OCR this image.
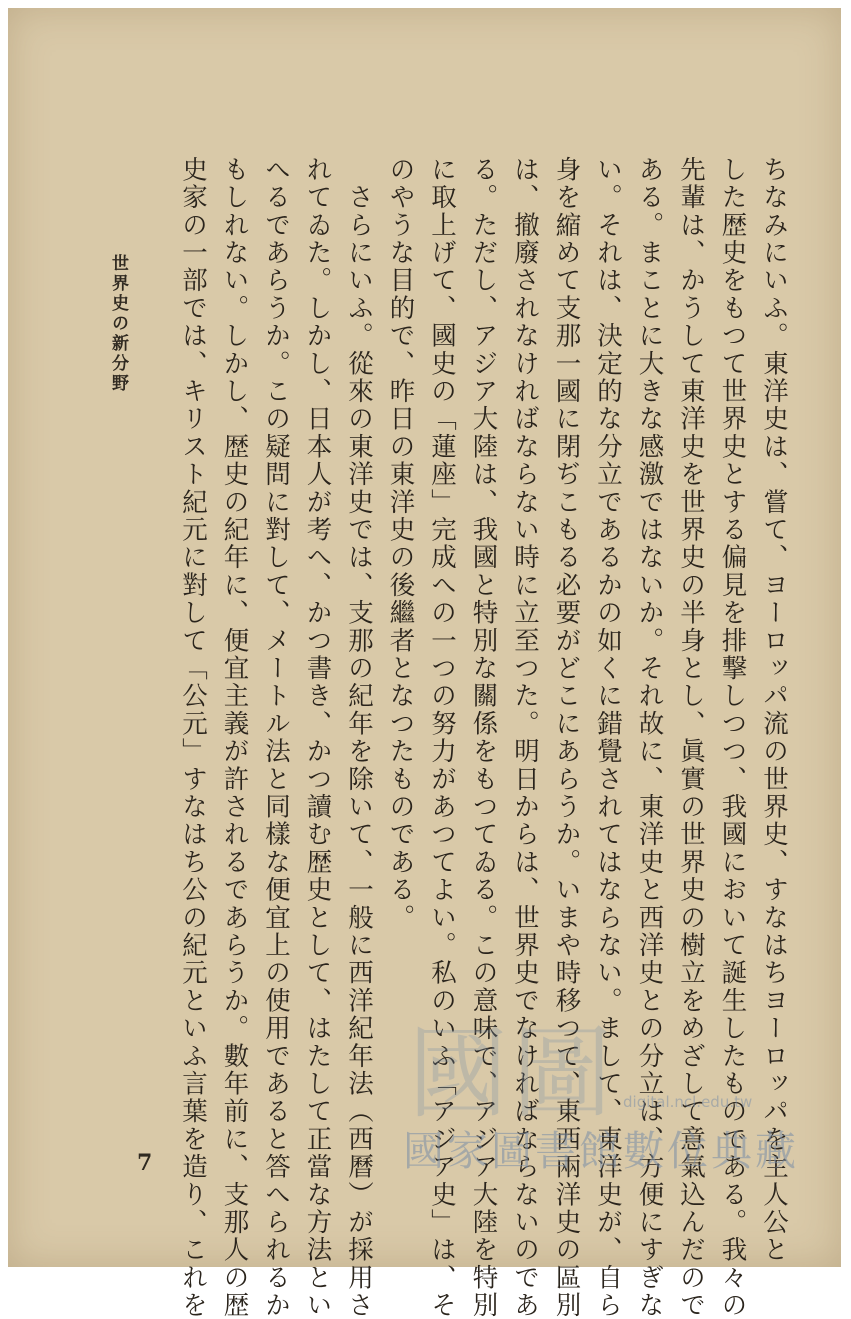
ちなみにいふ。東洋史は、嘗て、ヨーロッパ流の世界史、すなはちヨーロッパを主人公と
した歴史をもつて世界史とする偏見を排撃しつつ、我國において誕生したものである。我々の
先輩は、かうして東洋史を世界史の半身とし、眞實の世界史の樹立をめざして意氣込んだので
ある。まことに大きな感激ではないか。それ故に、東洋史と西洋史との分立は、方便にすぎな
い。それは、決定的な分立であるかの如くに錯覺されてはならない。まして、東洋史が、自ら
身を縮めて支那一國に閉ぢこもる必要がどこにあらうか。いまや時移つて、東西兩洋史の區別
は、撤廢されなければならない時に立至つた。明日からは、世界史でなければならないのであ
る。ただし、アジア大陸は、我國と特別な關係をもつてゐる。この意味で、アジア大陸を特別
に取上げて、國史の「蓮座」完成への一つの努力があつてよい。私のいふ「アジア史」は、そ
のやうな目的で、昨日の東洋史の後繼者となつたものである。
　さらにいふ。從來の東洋史では、支那の紀年を除いて、一般に西洋紀年法（西曆）が採用さ
れてゐた。しかし、日本人が考へ、かつ書き、かつ讀む歴史として、はたして正當な方法とい
へるであらうか。この疑問に對して、メートル法と同樣な便宜上の使用であると答へられるか
もしれない。しかし、歴史の紀年に、便宜主義が許されるであらうか。數年前に、支那人の歴
史家の一部では、キリスト紀元に對して「公元」すなはち公の紀元といふ言葉を造り、これを
世界史の新分野
7
國圖 digital.ncl.edu.tw
國家圖書館數位典藏
